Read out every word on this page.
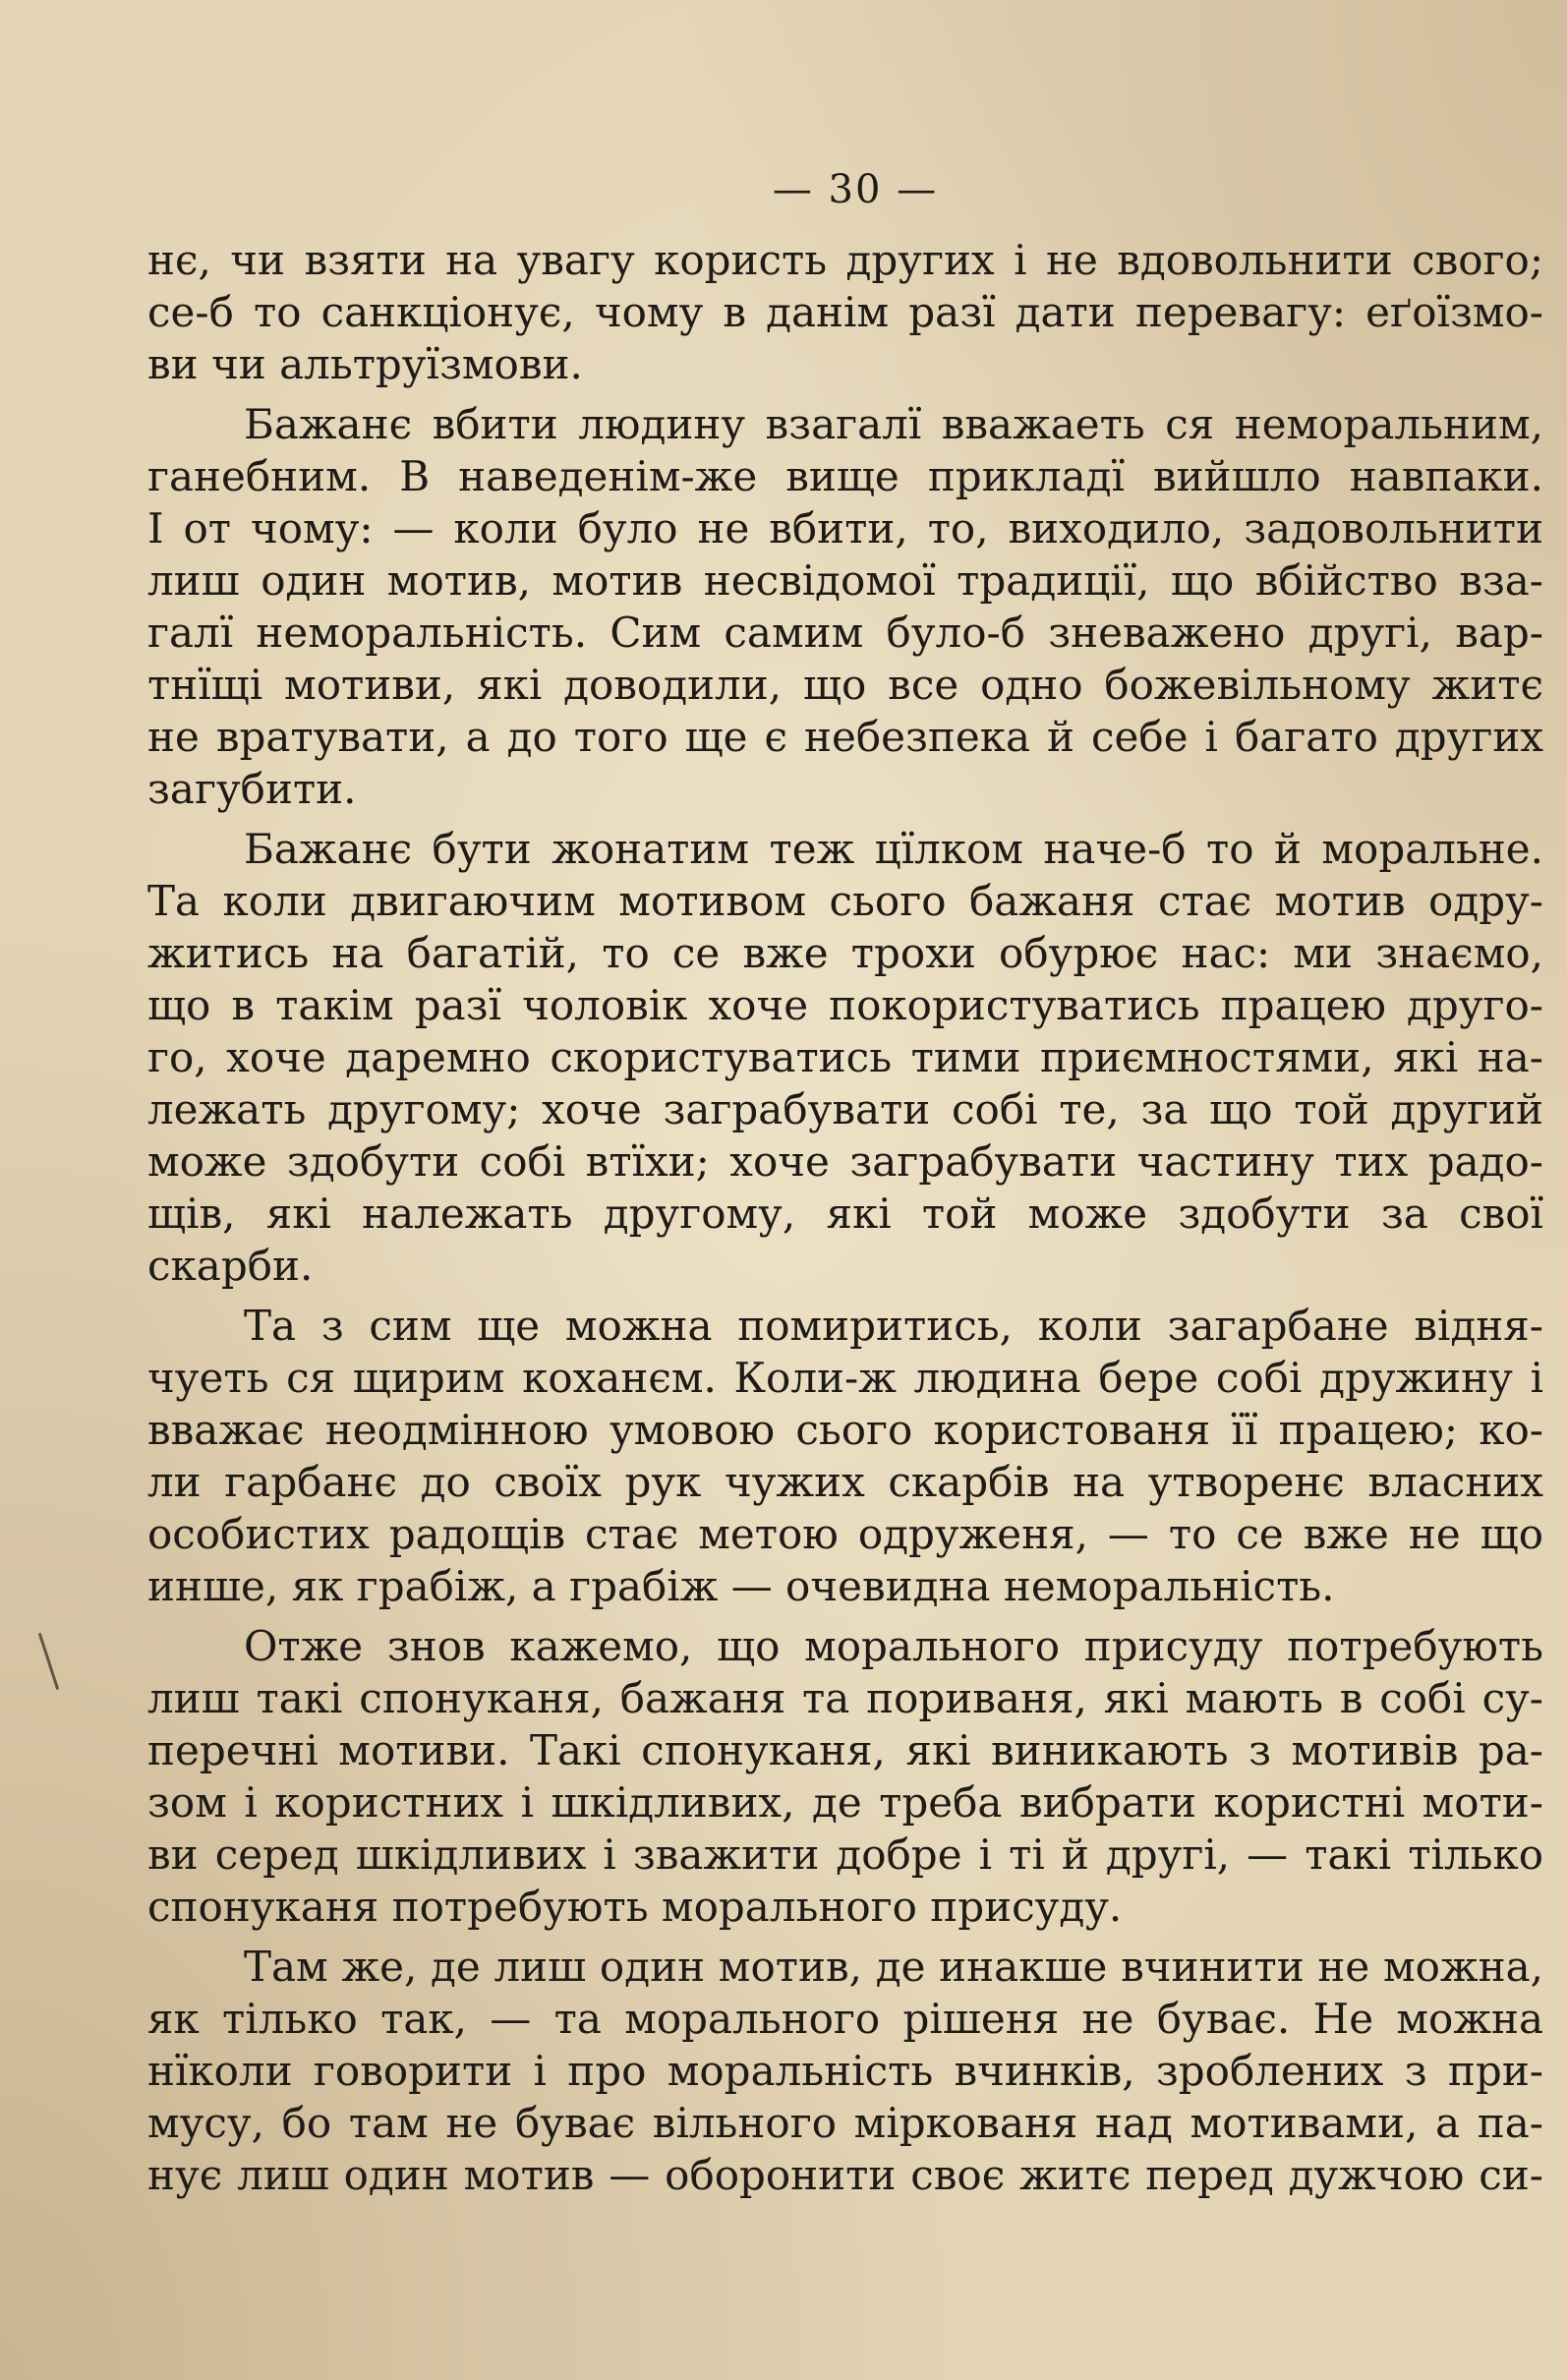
— 30 —
нє, чи взяти на увагу користь других і не вдовольнити свого;
се-б то санкціонує, чому в данім разї дати перевагу: еґоїзмо-
ви чи альтруїзмови.
Бажанє вбити людину взагалї вважаеть ся неморальним,
ганебним. В наведенім-же вище прикладї вийшло навпаки.
І от чому: — коли було не вбити, то, виходило, задовольнити
лиш один мотив, мотив несвідомої традиції, що вбійство вза-
галї неморальність. Сим самим було-б зневажено другі, вар-
тнїщі мотиви, які доводили, що все одно божевільному житє
не вратувати, а до того ще є небезпека й себе і багато других
загубити.
Бажанє бути жонатим теж цїлком наче-б то й моральне.
Та коли двигаючим мотивом сього бажаня стає мотив одру-
житись на багатій, то се вже трохи обурює нас: ми знаємо,
що в такім разї чоловік хоче покористуватись працею друго-
го, хоче даремно скористуватись тими приємностями, які на-
лежать другому; хоче заграбувати собі те, за що той другий
може здобути собі втїхи; хоче заграбувати частину тих радо-
щів, які належать другому, які той може здобути за свої
скарби.
Та з сим ще можна помиритись, коли загарбане відня-
чуеть ся щирим коханєм. Коли-ж людина бере собі дружину і
вважає неодмінною умовою сього користованя її працею; ко-
ли гарбанє до своїх рук чужих скарбів на утворенє власних
особистих радощів стає метою одруженя, — то се вже не що
инше, як грабіж, а грабіж — очевидна неморальність.
Отже знов кажемо, що морального присуду потребують
лиш такі спонуканя, бажаня та пориваня, які мають в собі су-
перечні мотиви. Такі спонуканя, які виникають з мотивів ра-
зом і користних і шкідливих, де треба вибрати користні моти-
ви серед шкідливих і зважити добре і ті й другі, — такі тілько
спонуканя потребують морального присуду.
Там же, де лиш один мотив, де инакше вчинити не можна,
як тілько так, — та морального рішеня не буває. Не можна
нїколи говорити і про моральність вчинків, зроблених з при-
мусу, бо там не буває вільного міркованя над мотивами, а па-
нує лиш один мотив — оборонити своє житє перед дужчою си-
